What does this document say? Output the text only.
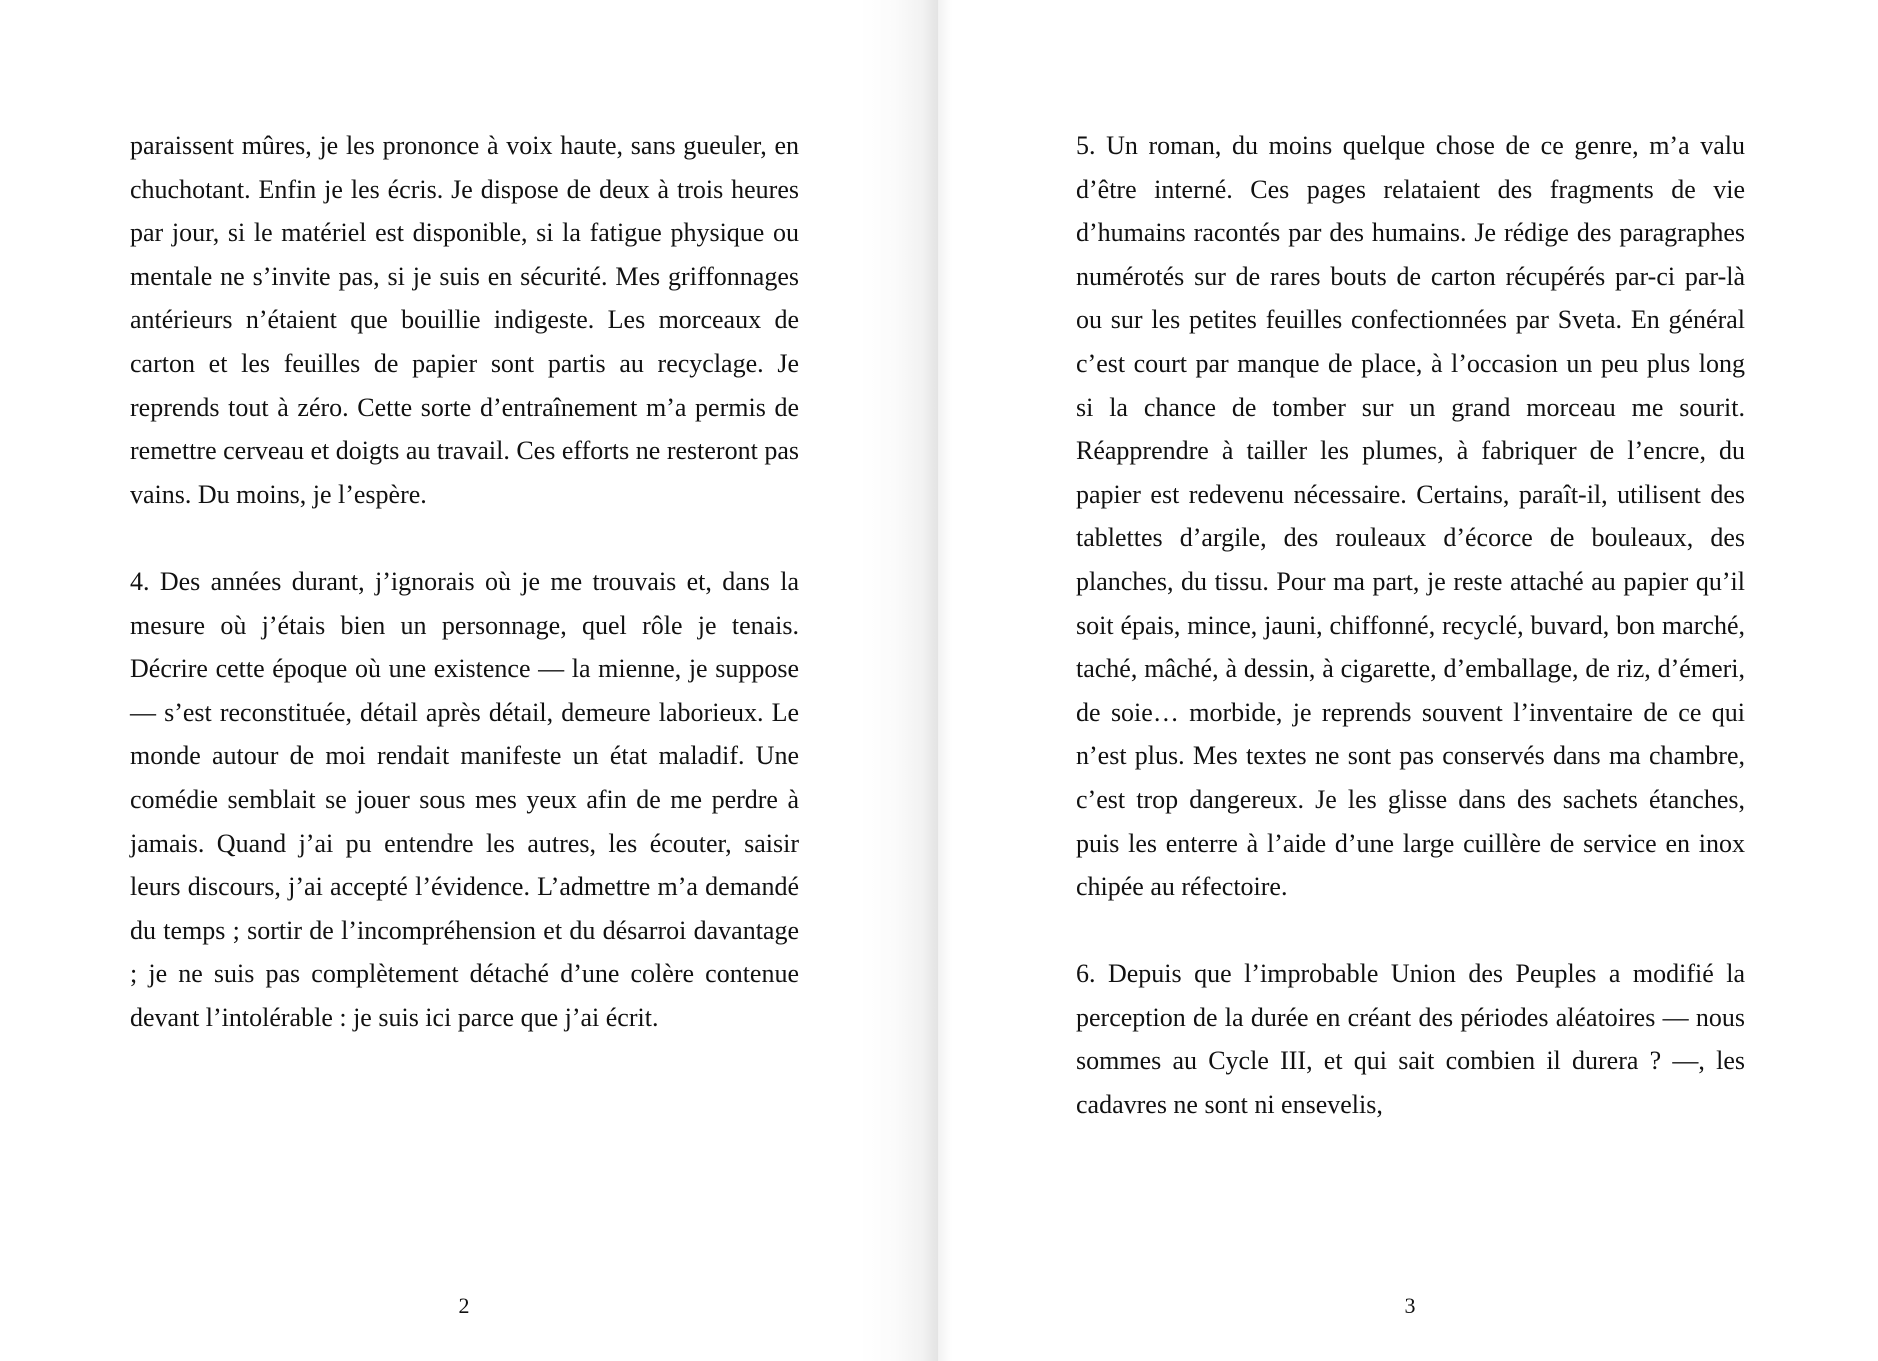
paraissent mûres, je les prononce à voix haute, sans gueuler, en chuchotant. Enfin je les écris. Je dispose de deux à trois heures par jour, si le matériel est disponible, si la fatigue physique ou mentale ne s’invite pas, si je suis en sécurité. Mes griffonnages antérieurs n’étaient que bouillie indigeste. Les morceaux de carton et les feuilles de papier sont partis au recyclage. Je reprends tout à zéro. Cette sorte d’entraînement m’a permis de remettre cerveau et doigts au travail. Ces efforts ne resteront pas vains. Du moins, je l’espère.

4. Des années durant, j’ignorais où je me trouvais et, dans la mesure où j’étais bien un personnage, quel rôle je tenais. Décrire cette époque où une existence — la mienne, je suppose — s’est reconstituée, détail après détail, demeure laborieux. Le monde autour de moi rendait manifeste un état maladif. Une comédie semblait se jouer sous mes yeux afin de me perdre à jamais. Quand j’ai pu entendre les autres, les écouter, saisir leurs discours, j’ai accepté l’évidence. L’admettre m’a demandé du temps ; sortir de l’incompréhension et du désarroi davantage ; je ne suis pas complètement détaché d’une colère contenue devant l’intolérable : je suis ici parce que j’ai écrit.

2

5. Un roman, du moins quelque chose de ce genre, m’a valu d’être interné. Ces pages relataient des fragments de vie d’humains racontés par des humains. Je rédige des paragraphes numérotés sur de rares bouts de carton récupérés par-ci par-là ou sur les petites feuilles confectionnées par Sveta. En général c’est court par manque de place, à l’occasion un peu plus long si la chance de tomber sur un grand morceau me sourit. Réapprendre à tailler les plumes, à fabriquer de l’encre, du papier est redevenu nécessaire. Certains, paraît-il, utilisent des tablettes d’argile, des rouleaux d’écorce de bouleaux, des planches, du tissu. Pour ma part, je reste attaché au papier qu’il soit épais, mince, jauni, chiffonné, recyclé, buvard, bon marché, taché, mâché, à dessin, à cigarette, d’emballage, de riz, d’émeri, de soie… morbide, je reprends souvent l’inventaire de ce qui n’est plus. Mes textes ne sont pas conservés dans ma chambre, c’est trop dangereux. Je les glisse dans des sachets étanches, puis les enterre à l’aide d’une large cuillère de service en inox chipée au réfectoire.

6. Depuis que l’improbable Union des Peuples a modifié la perception de la durée en créant des périodes aléatoires — nous sommes au Cycle III, et qui sait combien il durera ? —, les cadavres ne sont ni ensevelis,

3
